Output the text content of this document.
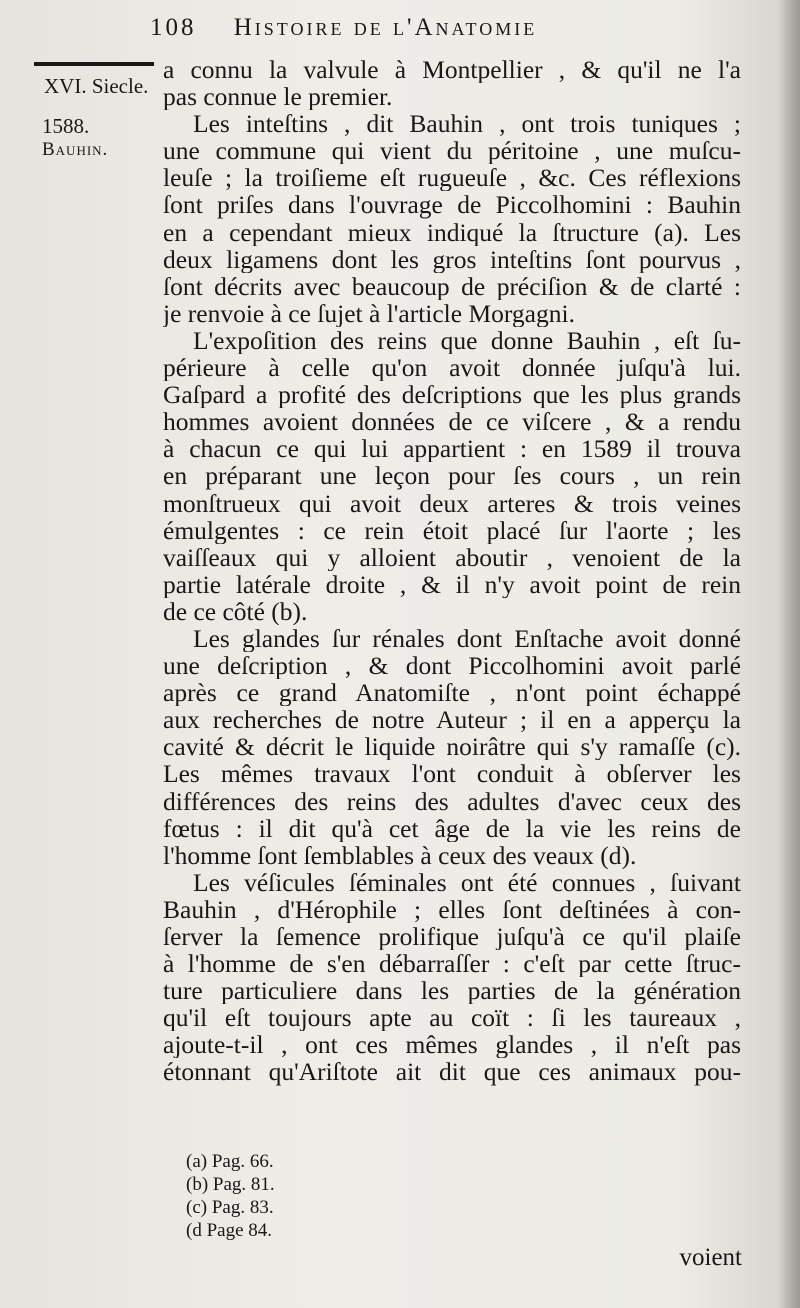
108 Histoire de l'Anatomie
XVI. Siecle.
1588.
Bauhin.
a connu la valvule à Montpellier , & qu'il ne l'a
pas connue le premier.
Les inteſtins , dit Bauhin , ont trois tuniques ;
une commune qui vient du péritoine , une muſcu-
leuſe ; la troiſieme eſt rugueuſe , &c. Ces réflexions
ſont priſes dans l'ouvrage de Piccolhomini : Bauhin
en a cependant mieux indiqué la ſtructure (a). Les
deux ligamens dont les gros inteſtins ſont pourvus ,
ſont décrits avec beaucoup de préciſion & de clarté :
je renvoie à ce ſujet à l'article Morgagni.
L'expoſition des reins que donne Bauhin , eſt ſu-
périeure à celle qu'on avoit donnée juſqu'à lui.
Gaſpard a profité des deſcriptions que les plus grands
hommes avoient données de ce viſcere , & a rendu
à chacun ce qui lui appartient : en 1589 il trouva
en préparant une leçon pour ſes cours , un rein
monſtrueux qui avoit deux arteres & trois veines
émulgentes : ce rein étoit placé ſur l'aorte ; les
vaiſſeaux qui y alloient aboutir , venoient de la
partie latérale droite , & il n'y avoit point de rein
de ce côté (b).
Les glandes ſur rénales dont Enſtache avoit donné
une deſcription , & dont Piccolhomini avoit parlé
après ce grand Anatomiſte , n'ont point échappé
aux recherches de notre Auteur ; il en a apperçu la
cavité & décrit le liquide noirâtre qui s'y ramaſſe (c).
Les mêmes travaux l'ont conduit à obſerver les
différences des reins des adultes d'avec ceux des
fœtus : il dit qu'à cet âge de la vie les reins de
l'homme ſont ſemblables à ceux des veaux (d).
Les véſicules ſéminales ont été connues , ſuivant
Bauhin , d'Hérophile ; elles ſont deſtinées à con-
ſerver la ſemence prolifique juſqu'à ce qu'il plaiſe
à l'homme de s'en débarraſſer : c'eſt par cette ſtruc-
ture particuliere dans les parties de la génération
qu'il eſt toujours apte au coït : ſi les taureaux ,
ajoute-t-il , ont ces mêmes glandes , il n'eſt pas
étonnant qu'Ariſtote ait dit que ces animaux pou-
(a) Pag. 66.
(b) Pag. 81.
(c) Pag. 83.
(d Page 84.
voient
